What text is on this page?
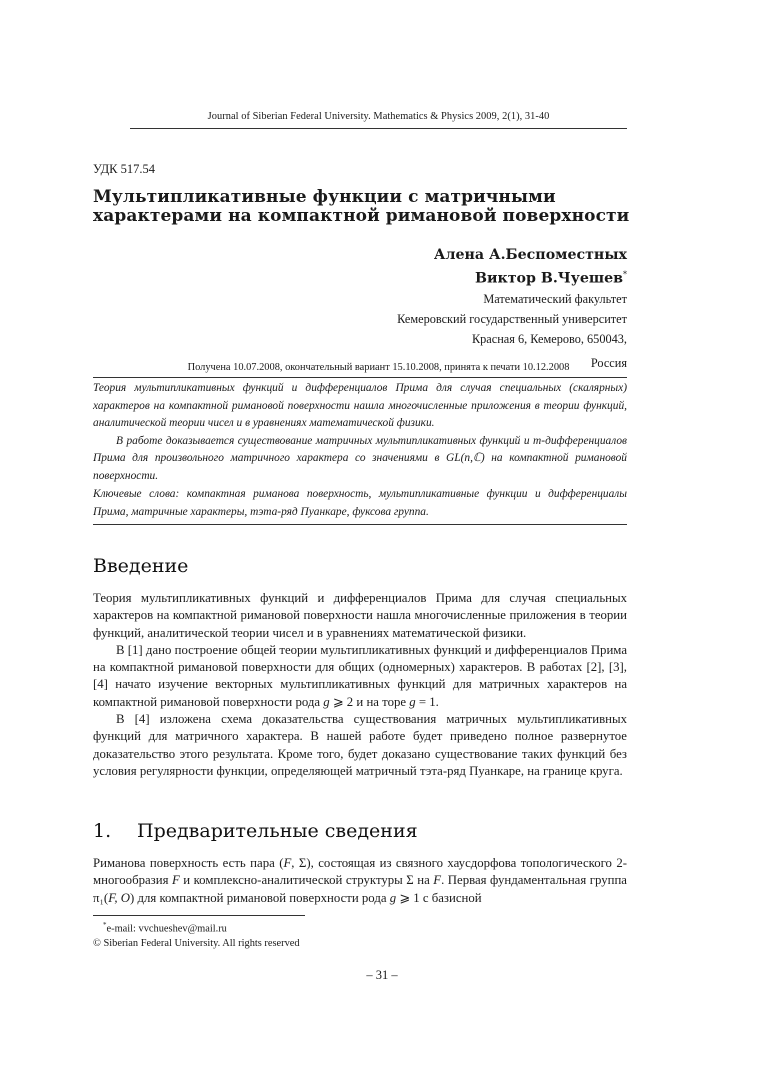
Journal of Siberian Federal University. Mathematics & Physics 2009, 2(1), 31-40
УДК 517.54
Мультипликативные функции с матричными
характерами на компактной римановой поверхности
Алена А.Беспоместных
Виктор В.Чуешев*
Математический факультет
Кемеровский государственный университет
Красная 6, Кемерово, 650043,
Россия
Получена 10.07.2008, окончательный вариант 15.10.2008, принята к печати 10.12.2008

Теория мультипликативных функций и дифференциалов Прима для случая специальных (скалярных) характеров на компактной римановой поверхности нашла многочисленные приложения в теории функций, аналитической теории чисел и в уравнениях математической физики.

В работе доказывается существование матричных мультипликативных функций и m-дифференциалов Прима для произвольного матричного характера со значениями в GL(n,ℂ) на компактной римановой поверхности.

Ключевые слова: компактная риманова поверхность, мультипликативные функции и дифференциалы Прима, матричные характеры, тэта-ряд Пуанкаре, фуксова группа.
Введение

Теория мультипликативных функций и дифференциалов Прима для случая специальных характеров на компактной римановой поверхности нашла многочисленные приложения в теории функций, аналитической теории чисел и в уравнениях математической физики.

В [1] дано построение общей теории мультипликативных функций и дифференциалов Прима на компактной римановой поверхности для общих (одномерных) характеров. В работах [2], [3], [4] начато изучение векторных мультипликативных функций для матричных характеров на компактной римановой поверхности рода g ⩾ 2 и на торе g = 1.

В [4] изложена схема доказательства существования матричных мультипликативных функций для матричного характера. В нашей работе будет приведено полное развернутое доказательство этого результата. Кроме того, будет доказано существование таких функций без условия регулярности функции, определяющей матричный тэта-ряд Пуанкаре, на границе круга.

1. Предварительные сведения

Риманова поверхность есть пара (F, Σ), состоящая из связного хаусдорфова топологического 2-многообразия F и комплексно-аналитической структуры Σ на F. Первая фундаментальная группа π₁(F, O) для компактной римановой поверхности рода g ⩾ 1 с базисной

*e-mail: vvchueshev@mail.ru
© Siberian Federal University. All rights reserved
– 31 –
